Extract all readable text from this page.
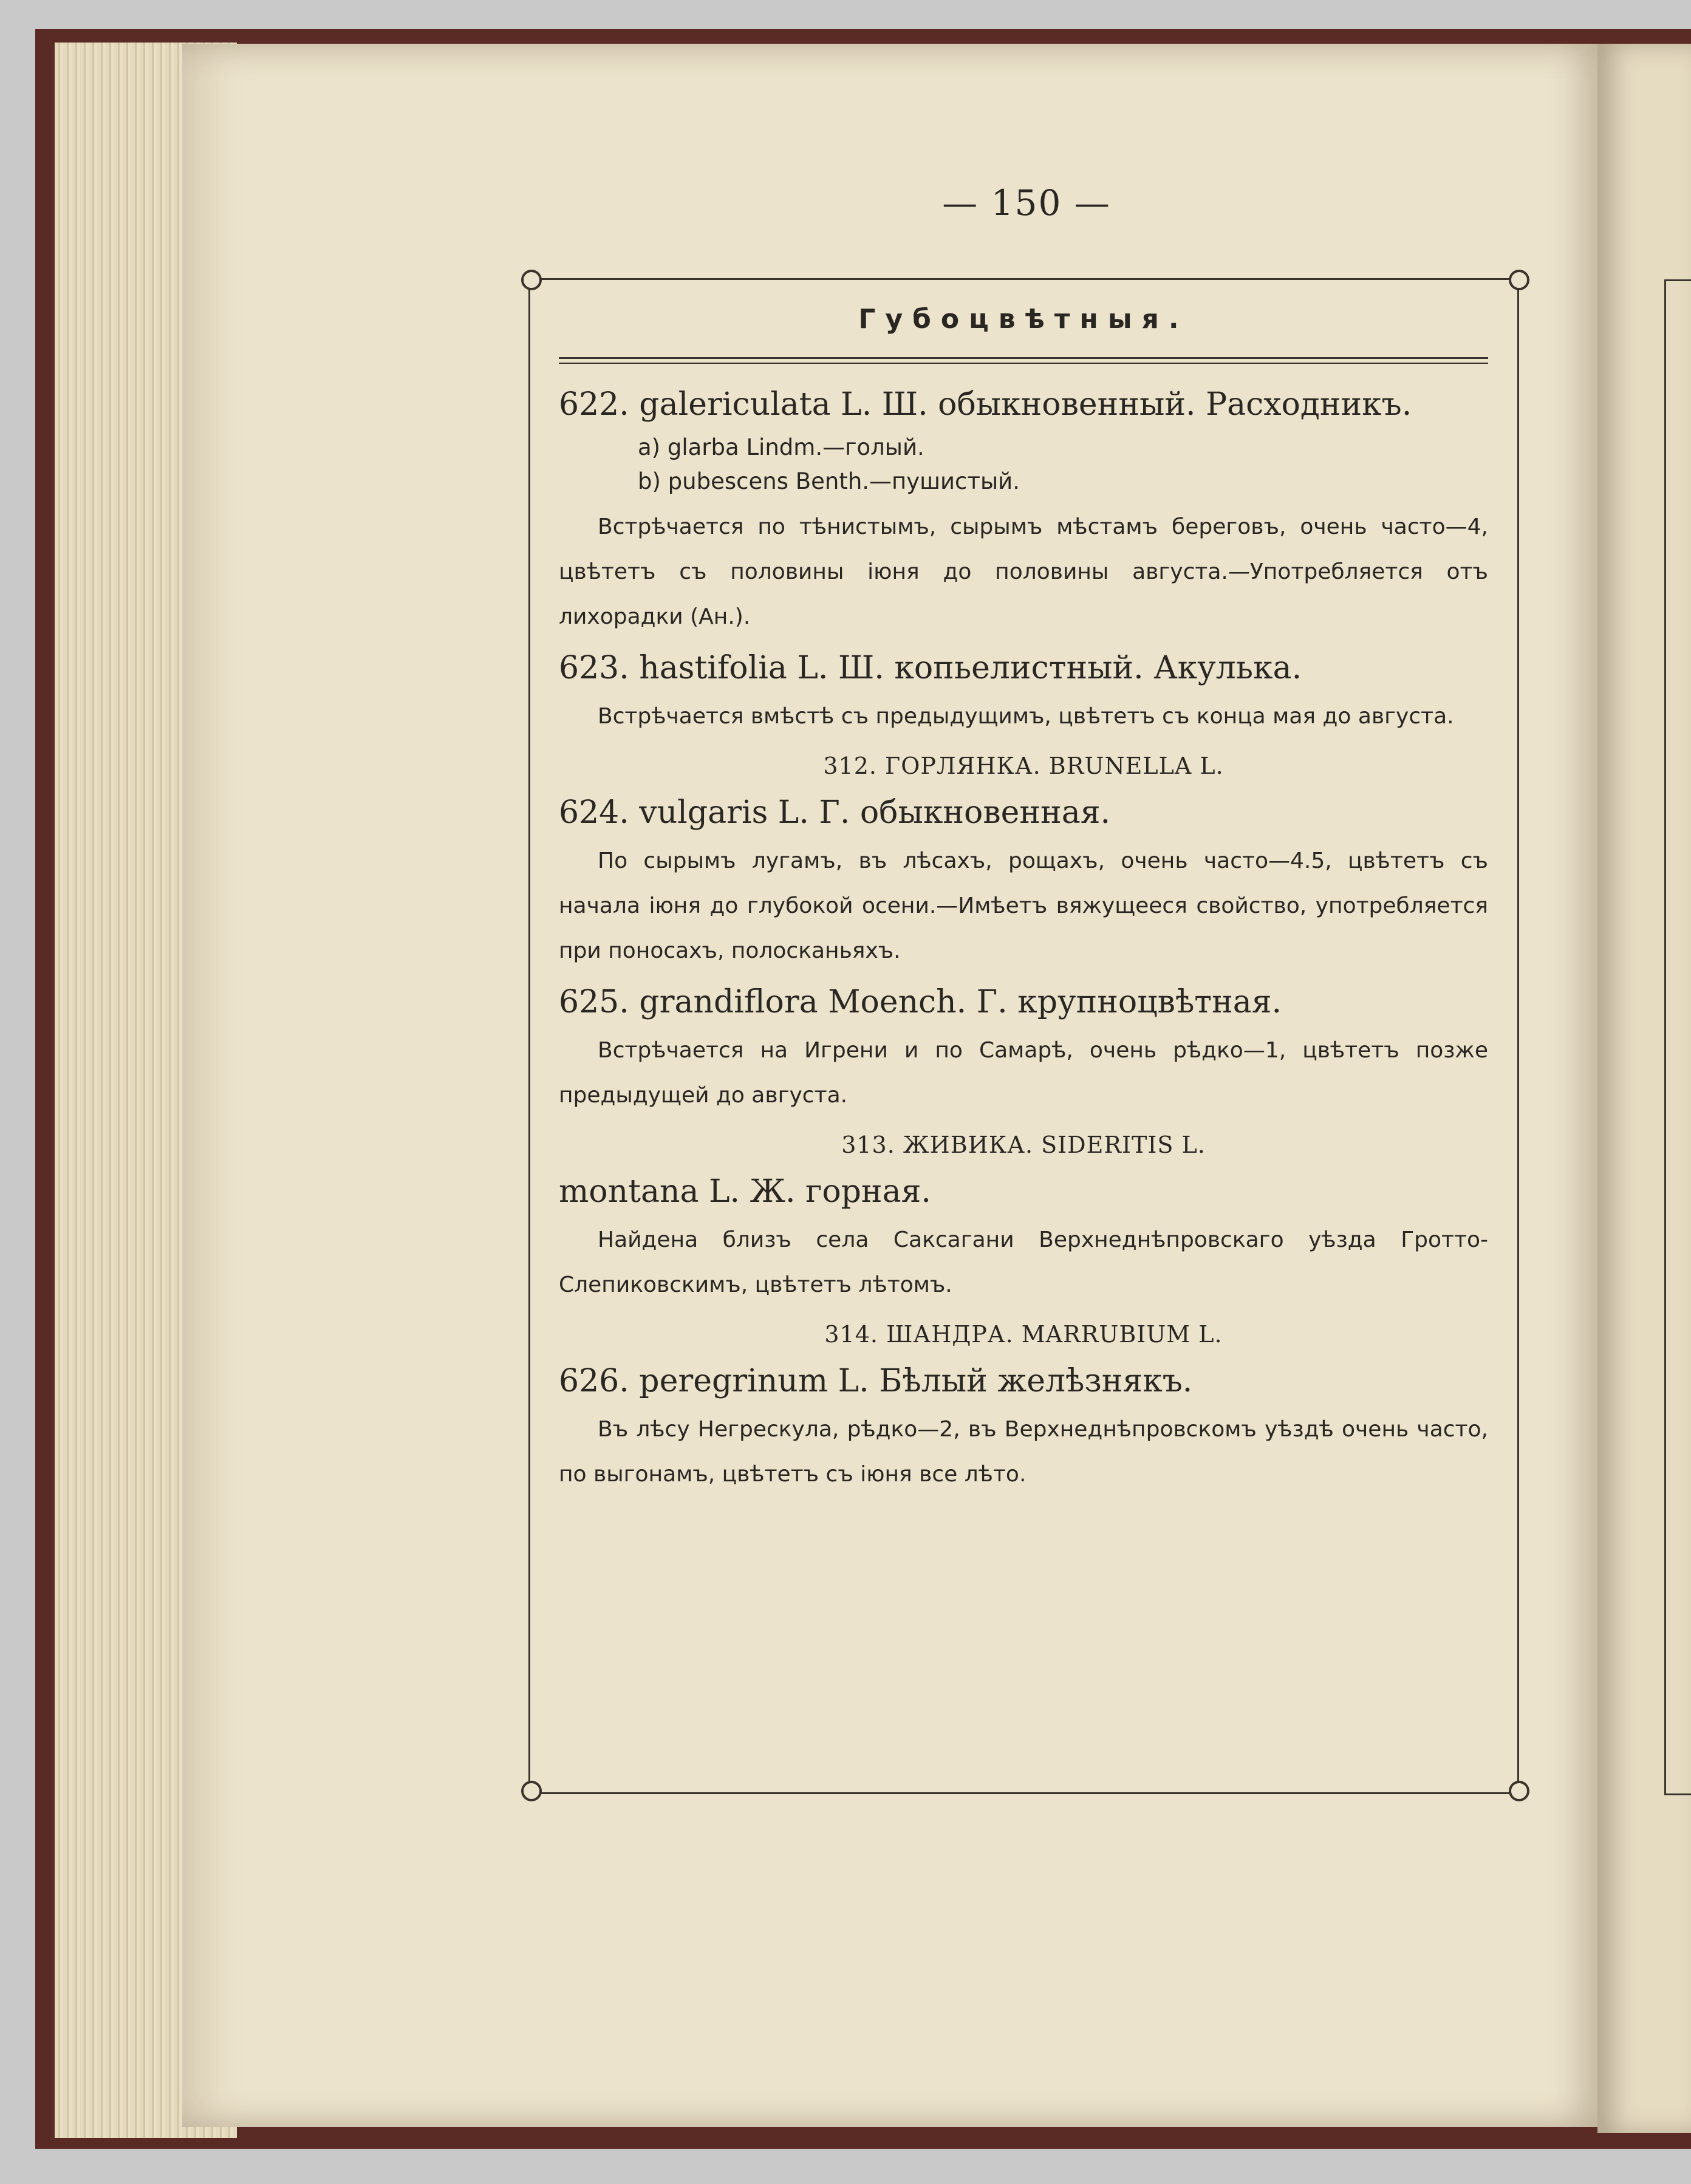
— 150 —
Губоцвѣтныя.
622. galericulata L. Ш. обыкновенный. Расходникъ.
a) glarba Lindm.—голый.
b) pubescens Benth.—пушистый.
Встрѣчается по тѣнистымъ, сырымъ мѣстамъ береговъ, очень часто—4, цвѣтетъ съ половины іюня до половины августа.—Употребляется отъ лихорадки (Ан.).
623. hastifolia L. Ш. копьелистный. Акулька.
Встрѣчается вмѣстѣ съ предыдущимъ, цвѣтетъ съ конца мая до августа.
312. ГОРЛЯНКА. BRUNELLA L.
624. vulgaris L. Г. обыкновенная.
По сырымъ лугамъ, въ лѣсахъ, рощахъ, очень часто—4.5, цвѣтетъ съ начала іюня до глубокой осени.—Имѣетъ вяжущееся свойство, употребляется при поносахъ, полосканьяхъ.
625. grandiflora Moench. Г. крупноцвѣтная.
Встрѣчается на Игрени и по Самарѣ, очень рѣдко—1, цвѣтетъ позже предыдущей до августа.
313. ЖИВИКА. SIDERITIS L.
montana L. Ж. горная.
Найдена близъ села Саксагани Верхнеднѣпровскаго уѣзда Гротто-Слепиковскимъ, цвѣтетъ лѣтомъ.
314. ШАНДРА. MARRUBIUM L.
626. peregrinum L. Бѣлый желѣзнякъ.
Въ лѣсу Негрескула, рѣдко—2, въ Верхнеднѣпровскомъ уѣздѣ очень часто, по выгонамъ, цвѣтетъ съ іюня все лѣто.
